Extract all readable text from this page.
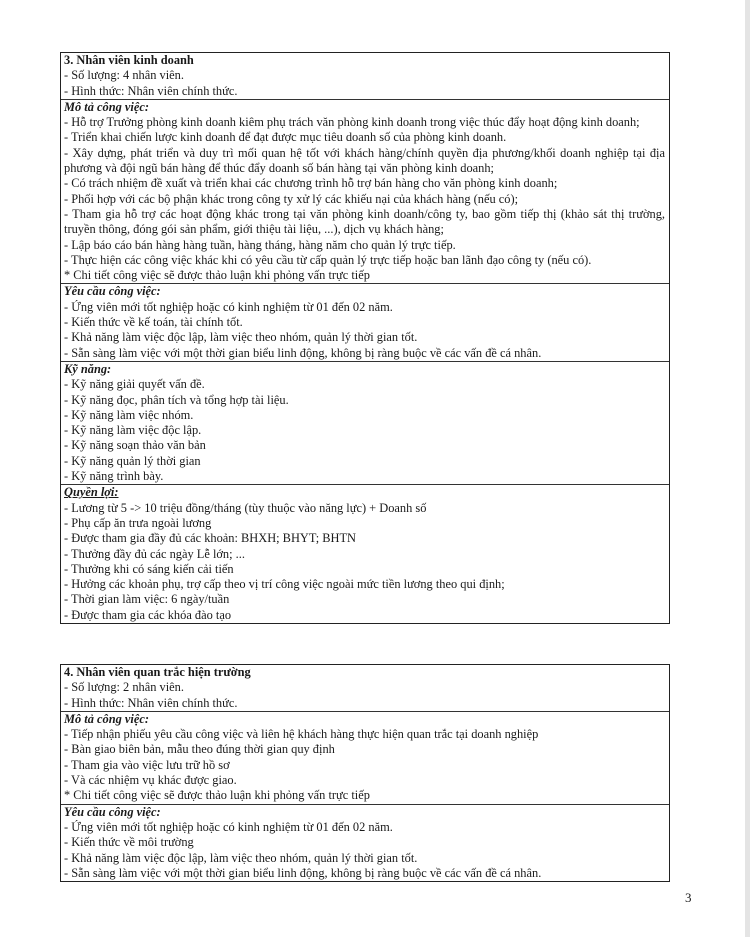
3. Nhân viên kinh doanh
- Số lượng: 4 nhân viên.
- Hình thức: Nhân viên chính thức.
Mô tả công việc:
- Hỗ trợ Trưởng phòng kinh doanh kiêm phụ trách văn phòng kinh doanh trong việc thúc đẩy hoạt động kinh doanh;
- Triển khai chiến lược kinh doanh để đạt được mục tiêu doanh số của phòng kinh doanh.
- Xây dựng, phát triển và duy trì mối quan hệ tốt với khách hàng/chính quyền địa phương/khối doanh nghiệp tại địa phương và đội ngũ bán hàng để thúc đẩy doanh số bán hàng tại văn phòng kinh doanh;
- Có trách nhiệm đề xuất và triển khai các chương trình hỗ trợ bán hàng cho văn phòng kinh doanh;
- Phối hợp với các bộ phận khác trong công ty xử lý các khiếu nại của khách hàng (nếu có);
- Tham gia hỗ trợ các hoạt động khác trong tại văn phòng kinh doanh/công ty, bao gồm tiếp thị (khảo sát thị trường, truyền thông, đóng gói sản phẩm, giới thiệu tài liệu, ...), dịch vụ khách hàng;
- Lập báo cáo bán hàng hàng tuần, hàng tháng, hàng năm cho quản lý trực tiếp.
- Thực hiện các công việc khác khi có yêu cầu từ cấp quản lý trực tiếp hoặc ban lãnh đạo công ty (nếu có).
* Chi tiết công việc sẽ được thảo luận khi phỏng vấn trực tiếp
Yêu cầu công việc:
- Ứng viên mới tốt nghiệp hoặc có kinh nghiệm từ 01 đến 02 năm.
- Kiến thức về kế toán, tài chính tốt.
- Khả năng làm việc độc lập, làm việc theo nhóm, quản lý thời gian tốt.
- Sẵn sàng làm việc với một thời gian biểu linh động, không bị ràng buộc về các vấn đề cá nhân.
Kỹ năng:
- Kỹ năng giải quyết vấn đề.
- Kỹ năng đọc, phân tích và tổng hợp tài liệu.
- Kỹ năng làm việc nhóm.
- Kỹ năng làm việc độc lập.
- Kỹ năng soạn thảo văn bản
- Kỹ năng quản lý thời gian
- Kỹ năng trình bày.
Quyền lợi:
- Lương từ 5 -> 10 triệu đồng/tháng (tùy thuộc vào năng lực) + Doanh số
- Phụ cấp ăn trưa ngoài lương
- Được tham gia đầy đủ các khoản: BHXH; BHYT; BHTN
- Thưởng đầy đủ các ngày Lễ lớn; ...
- Thưởng khi có sáng kiến cải tiến
- Hưởng các khoản phụ, trợ cấp theo vị trí công việc ngoài mức tiền lương theo qui định;
- Thời gian làm việc: 6 ngày/tuần
- Được tham gia các khóa đào tạo
4. Nhân viên quan trắc hiện trường
- Số lượng: 2 nhân viên.
- Hình thức: Nhân viên chính thức.
Mô tả công việc:
- Tiếp nhận phiếu yêu cầu công việc và liên hệ khách hàng thực hiện quan trắc tại doanh nghiệp
- Bàn giao biên bản, mẫu theo đúng thời gian quy định
- Tham gia vào việc lưu trữ hồ sơ
- Và các nhiệm vụ khác được giao.
* Chi tiết công việc sẽ được thảo luận khi phỏng vấn trực tiếp
Yêu cầu công việc:
- Ứng viên mới tốt nghiệp hoặc có kinh nghiệm từ 01 đến 02 năm.
- Kiến thức về môi trường
- Khả năng làm việc độc lập, làm việc theo nhóm, quản lý thời gian tốt.
- Sẵn sàng làm việc với một thời gian biểu linh động, không bị ràng buộc về các vấn đề cá nhân.
3
